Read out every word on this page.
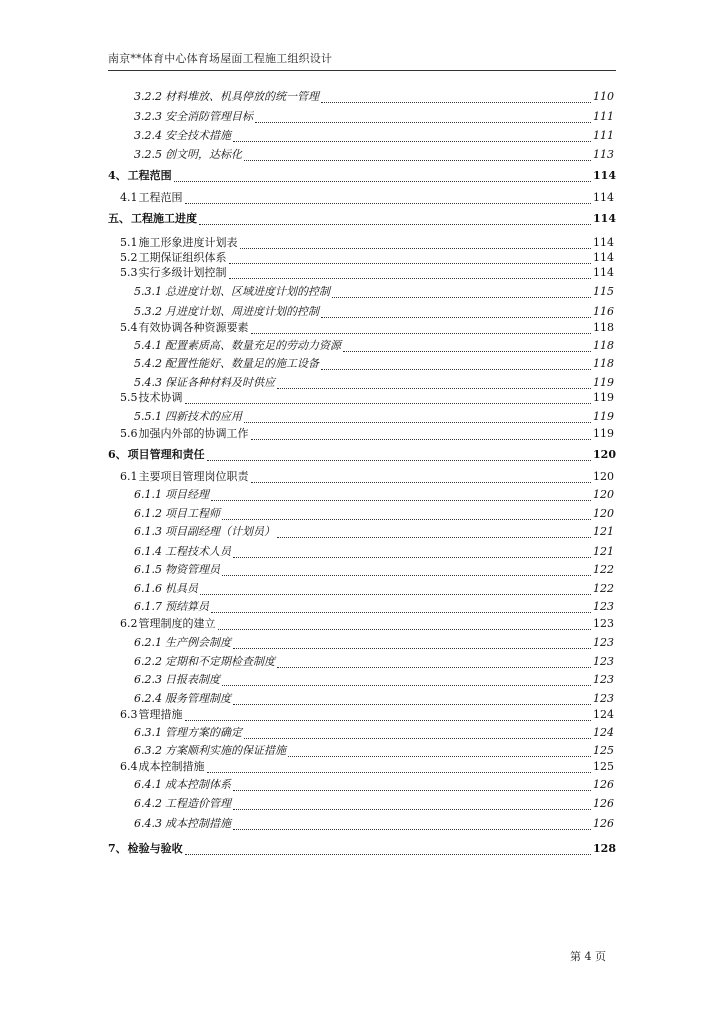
南京**体育中心体育场屋面工程施工组织设计
3.2.2 材料堆放、机具停放的统一管理	110
3.2.3 安全消防管理目标	111
3.2.4 安全技术措施	111
3.2.5 创文明，达标化	113
4、工程范围	114
4.1工程范围	114
五、工程施工进度	114
5.1施工形象进度计划表	114
5.2工期保证组织体系	114
5.3实行多级计划控制	114
5.3.1 总进度计划、区域进度计划的控制	115
5.3.2 月进度计划、周进度计划的控制	116
5.4有效协调各种资源要素	118
5.4.1 配置素质高、数量充足的劳动力资源	118
5.4.2 配置性能好、数量足的施工设备	118
5.4.3 保证各种材料及时供应	119
5.5技术协调	119
5.5.1 四新技术的应用	119
5.6加强内外部的协调工作	119
6、项目管理和责任	120
6.1主要项目管理岗位职责	120
6.1.1 项目经理	120
6.1.2 项目工程师	120
6.1.3 项目副经理（计划员）	121
6.1.4 工程技术人员	121
6.1.5 物资管理员	122
6.1.6 机具员	122
6.1.7 预结算员	123
6.2管理制度的建立	123
6.2.1 生产例会制度	123
6.2.2 定期和不定期检查制度	123
6.2.3 日报表制度	123
6.2.4 服务管理制度	123
6.3管理措施	124
6.3.1 管理方案的确定	124
6.3.2 方案顺利实施的保证措施	125
6.4成本控制措施	125
6.4.1 成本控制体系	126
6.4.2 工程造价管理	126
6.4.3 成本控制措施	126
7、检验与验收	128
第 4 页
